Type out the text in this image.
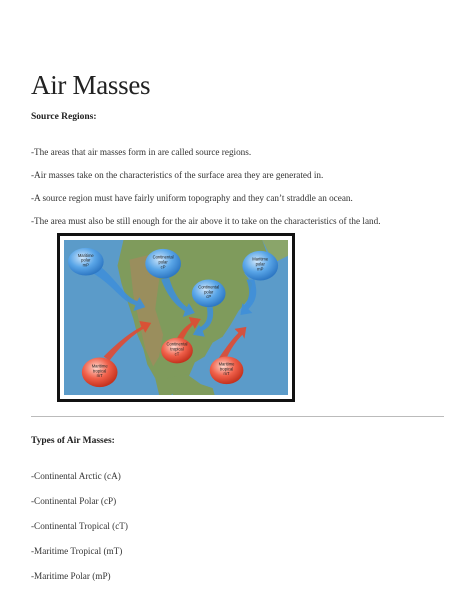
Air Masses

Source Regions:

-The areas that air masses form in are called source regions.

-Air masses take on the characteristics of the surface area they are generated in.

-A source region must have fairly uniform topography and they can’t straddle an ocean.

-The area must also be still enough for the air above it to take on the characteristics of the land.

Maritime
polar
mP
Continental
polar
cP
Continental
polar
cP
Maritime
polar
mP
Continental
tropical
cT
Maritime
tropical
mT
Maritime
tropical
mT

Types of Air Masses:

-Continental Arctic (cA)

-Continental Polar (cP)

-Continental Tropical (cT)

-Maritime Tropical (mT)

-Maritime Polar (mP)
